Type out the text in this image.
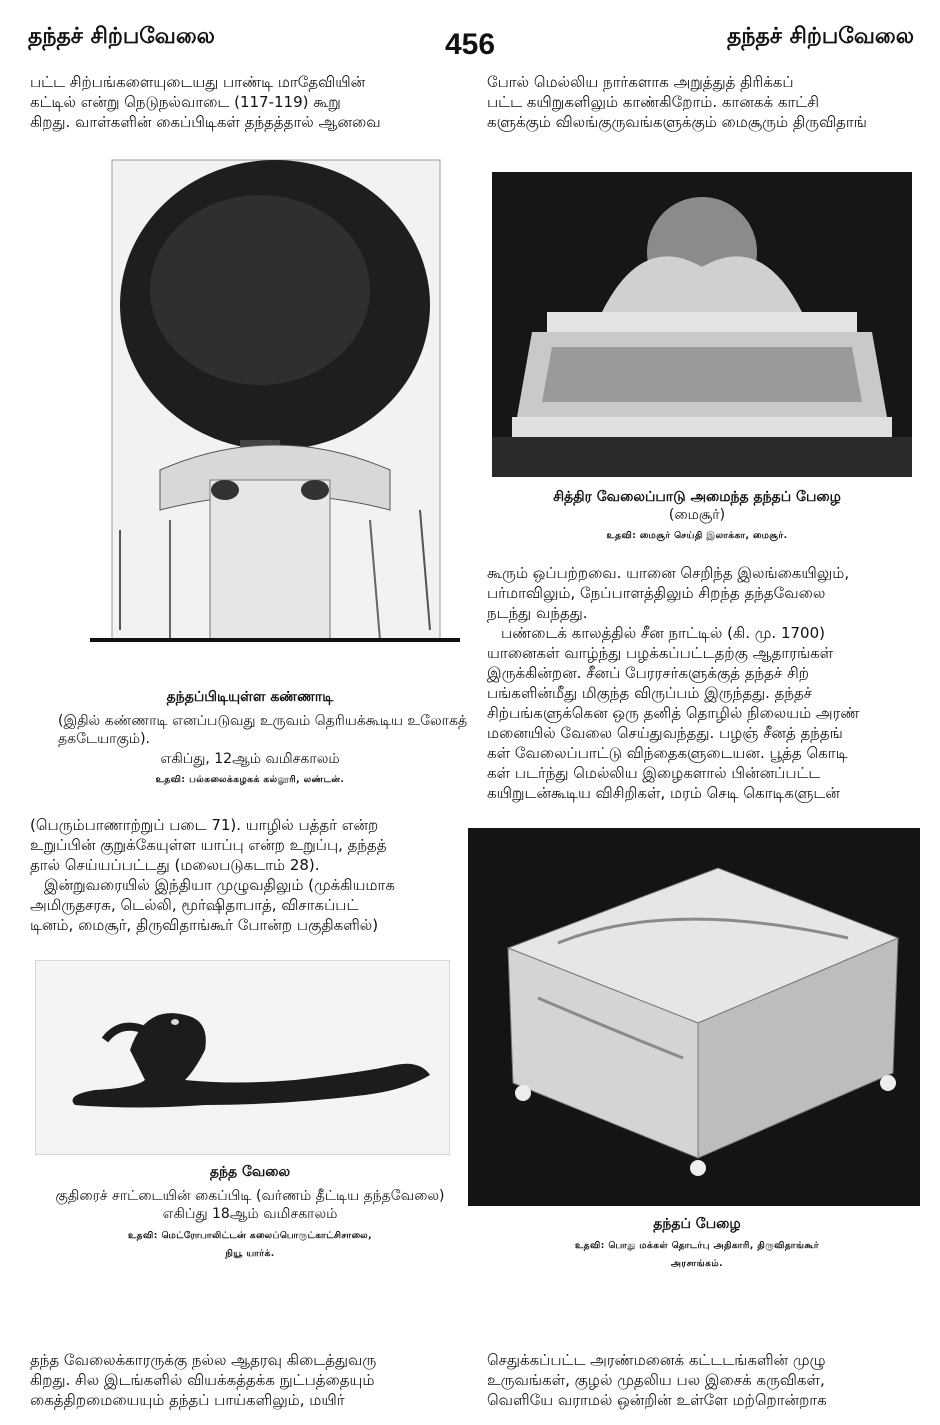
தந்தச் சிற்பவேலை	456	தந்தச் சிற்பவேலை

பட்ட சிற்பங்களையுடையது பாண்டி மாதேவியின்

கட்டில் என்று நெடுநல்வாடை (117-119) கூறு

கிறது. வாள்களின் கைப்பிடிகள் தந்தத்தால் ஆனவை

தந்தப்பிடியுள்ள கண்ணாடி
(இதில் கண்ணாடி எனப்படுவது உருவம் தெரியக்கூடிய உலோகத்
தகடேயாகும்).
எகிப்து, 12ஆம் வமிசகாலம்
உதவி: பல்கலைக்கழகக் கல்லூரி, லண்டன்.

(பெரும்பாணாற்றுப் படை 71). யாழில் பத்தர் என்ற

உறுப்பின் குறுக்கேயுள்ள யாப்பு என்ற உறுப்பு, தந்தத்

தால் செய்யப்பட்டது (மலைபடுகடாம் 28).

இன்றுவரையில் இந்தியா முழுவதிலும் (முக்கியமாக

அமிருதசரசு, டெல்லி, மூர்ஷிதாபாத், விசாகப்பட்

டினம், மைசூர், திருவிதாங்கூர் போன்ற பகுதிகளில்)

தந்த வேலை
குதிரைச் சாட்டையின் கைப்பிடி (வர்ணம் தீட்டிய தந்தவேலை)
எகிப்து 18ஆம் வமிசகாலம்
உதவி: மெட்ரோபாலிட்டன் கலைப்பொருட்காட்சிசாலை,
நியூ யார்க்.

தந்த வேலைக்காரருக்கு நல்ல ஆதரவு கிடைத்துவரு

கிறது. சில இடங்களில் வியக்கத்தக்க நுட்பத்தையும்

கைத்திறமையையும் தந்தப் பாய்களிலும், மயிர்

போல் மெல்லிய நார்களாக அறுத்துத் திரிக்கப்

பட்ட கயிறுகளிலும் காண்கிறோம். கானகக் காட்சி

களுக்கும் விலங்குருவங்களுக்கும் மைசூரும் திருவிதாங்

சித்திர வேலைப்பாடு அமைந்த தந்தப் பேழை
(மைசூர்)
உதவி: மைசூர் செய்தி இலாக்கா, மைசூர்.

கூரும் ஒப்பற்றவை. யானை செறிந்த இலங்கையிலும்,

பர்மாவிலும், நேப்பாளத்திலும் சிறந்த தந்தவேலை

நடந்து வந்தது.

பண்டைக் காலத்தில் சீன நாட்டில் (கி. மு. 1700)

யானைகள் வாழ்ந்து பழக்கப்பட்டதற்கு ஆதாரங்கள்

இருக்கின்றன. சீனப் பேரரசர்களுக்குத் தந்தச் சிற்

பங்களின்மீது மிகுந்த விருப்பம் இருந்தது. தந்தச்

சிற்பங்களுக்கென ஒரு தனித் தொழில் நிலையம் அரண்

மனையில் வேலை செய்துவந்தது. பழஞ் சீனத் தந்தங்

கள் வேலைப்பாட்டு விந்தைகளுடையன. பூத்த கொடி

கள் படர்ந்து மெல்லிய இழைகளால் பின்னப்பட்ட

கயிறுடன்கூடிய விசிறிகள், மரம் செடி கொடிகளுடன்

தந்தப் பேழை
உதவி: பொது மக்கள் தொடர்பு அதிகாரி, திருவிதாங்கூர்
அரசாங்கம்.

செதுக்கப்பட்ட அரண்மனைக் கட்டடங்களின் முழு

உருவங்கள், குழல் முதலிய பல இசைக் கருவிகள்,

வெளியே வராமல் ஒன்றின் உள்ளே மற்றொன்றாக
